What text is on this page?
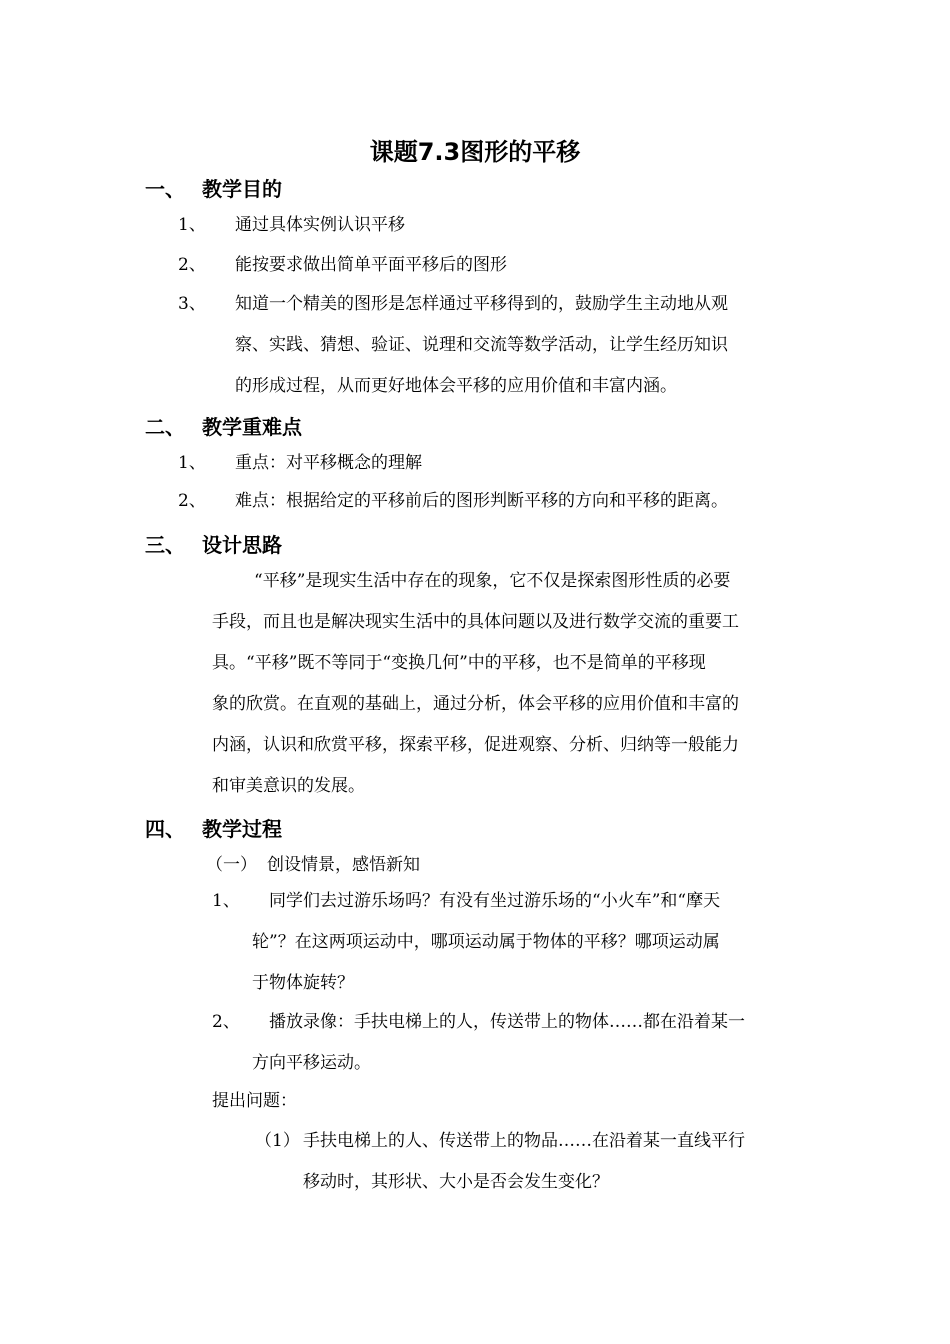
课题7.3图形的平移
一、 教学目的
1、 通过具体实例认识平移
2、 能按要求做出简单平面平移后的图形
3、 知道一个精美的图形是怎样通过平移得到的，鼓励学生主动地从观
察、实践、猜想、验证、说理和交流等数学活动，让学生经历知识
的形成过程，从而更好地体会平移的应用价值和丰富内涵。
二、 教学重难点
1、 重点：对平移概念的理解
2、 难点：根据给定的平移前后的图形判断平移的方向和平移的距离。
三、 设计思路
“平移”是现实生活中存在的现象，它不仅是探索图形性质的必要
手段，而且也是解决现实生活中的具体问题以及进行数学交流的重要工
具。“平移”既不等同于“变换几何”中的平移，也不是简单的平移现
象的欣赏。在直观的基础上，通过分析，体会平移的应用价值和丰富的
内涵，认识和欣赏平移，探索平移，促进观察、分析、归纳等一般能力
和审美意识的发展。
四、 教学过程
（一） 创设情景，感悟新知
1、 同学们去过游乐场吗？有没有坐过游乐场的“小火车”和“摩天
轮”？在这两项运动中，哪项运动属于物体的平移？哪项运动属
于物体旋转？
2、 播放录像：手扶电梯上的人，传送带上的物体……都在沿着某一
方向平移运动。
提出问题：
（1） 手扶电梯上的人、传送带上的物品……在沿着某一直线平行
移动时，其形状、大小是否会发生变化？
